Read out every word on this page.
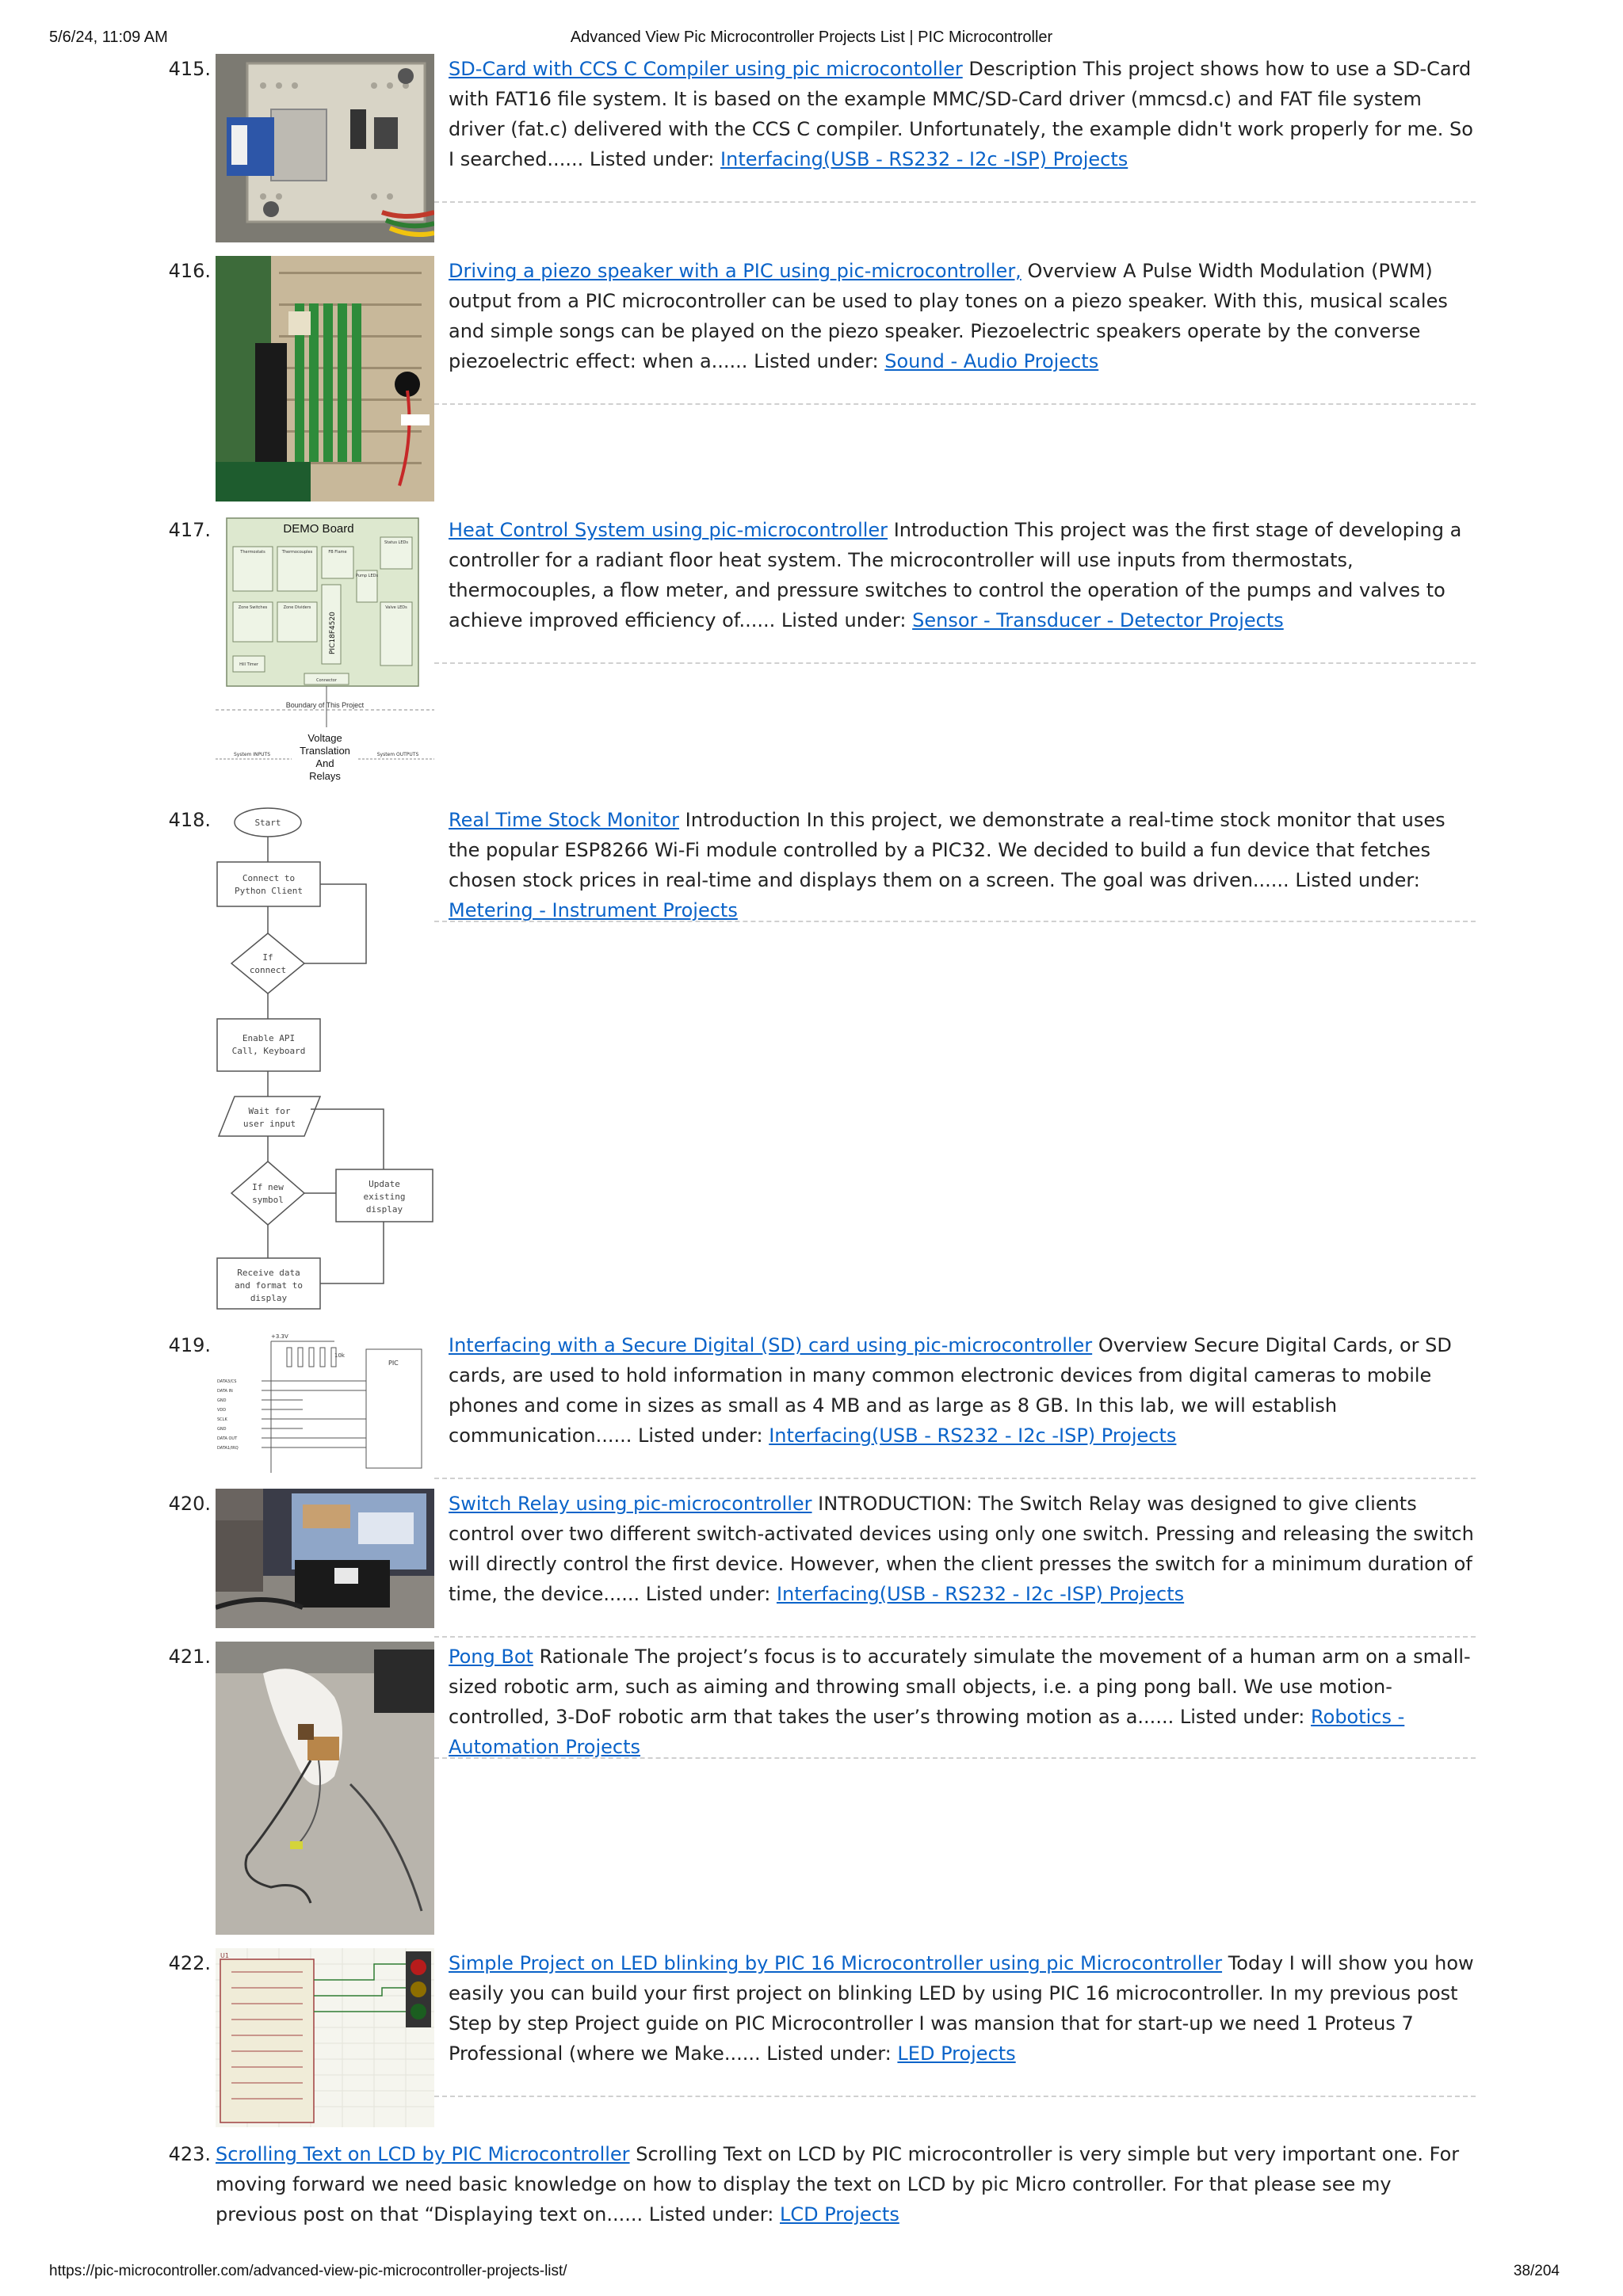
5/6/24, 11:09 AM	Advanced View Pic Microcontroller Projects List | PIC Microcontroller
415.	SD-Card with CCS C Compiler using pic microcontoller Description This project shows how to use a SD-Card with FAT16 file system. It is based on the example MMC/SD-Card driver (mmcsd.c) and FAT file system driver (fat.c) delivered with the CCS C compiler. Unfortunately, the example didn't work properly for me. So I searched...... Listed under: Interfacing(USB - RS232 - I2c -ISP) Projects
416.	Driving a piezo speaker with a PIC using pic-microcontroller, Overview A Pulse Width Modulation (PWM) output from a PIC microcontroller can be used to play tones on a piezo speaker. With this, musical scales and simple songs can be played on the piezo speaker. Piezoelectric speakers operate by the converse piezoelectric effect: when a...... Listed under: Sound - Audio Projects
417.	DEMO Board
Thermostats	Thermocouples	FB Flame
Status LEDs
Zone Switches	Zone Dividers
PIC18F4520
Pump LEDs
Valve LEDs
Hill Timer
Connector
Boundary of This Project
Voltage
Translation
And
Relays
System INPUTS	System OUTPUTS
Heat Control System using pic-microcontroller Introduction This project was the first stage of developing a controller for a radiant floor heat system. The microcontroller will use inputs from thermostats, thermocouples, a flow meter, and pressure switches to control the operation of the pumps and valves to achieve improved efficiency of...... Listed under: Sensor - Transducer - Detector Projects
418.	Start
Connect to
Python Client
If
connect
Enable API
Call, Keyboard
Wait for
user input
If new
symbol
Update
existing
display
Receive data
and format to
display
Real Time Stock Monitor Introduction In this project, we demonstrate a real-time stock monitor that uses the popular ESP8266 Wi-Fi module controlled by a PIC32. We decided to build a fun device that fetches chosen stock prices in real-time and displays them on a screen. The goal was driven...... Listed under: Metering - Instrument Projects
419.	+3.3V
10k
DATA3/CS
DATA IN
GND
VDD
SCLK
GND
DATA OUT
DATA1/IRQ
PIC
Interfacing with a Secure Digital (SD) card using pic-microcontroller Overview Secure Digital Cards, or SD cards, are used to hold information in many common electronic devices from digital cameras to mobile phones and come in sizes as small as 4 MB and as large as 8 GB. In this lab, we will establish communication...... Listed under: Interfacing(USB - RS232 - I2c -ISP) Projects
420.	Switch Relay using pic-microcontroller INTRODUCTION: The Switch Relay was designed to give clients control over two different switch-activated devices using only one switch. Pressing and releasing the switch will directly control the first device. However, when the client presses the switch for a minimum duration of time, the device...... Listed under: Interfacing(USB - RS232 - I2c -ISP) Projects
421.	Pong Bot Rationale The project’s focus is to accurately simulate the movement of a human arm on a small-sized robotic arm, such as aiming and throwing small objects, i.e. a ping pong ball. We use motion-controlled, 3-DoF robotic arm that takes the user’s throwing motion as a...... Listed under: Robotics - Automation Projects
422. U1	Simple Project on LED blinking by PIC 16 Microcontroller using pic Microcontroller Today I will show you how easily you can build your first project on blinking LED by using PIC 16 microcontroller. In my previous post Step by step Project guide on PIC Microcontroller I was mansion that for start-up we need 1 Proteus 7 Professional (where we Make...... Listed under: LED Projects
423. Scrolling Text on LCD by PIC Microcontroller Scrolling Text on LCD by PIC microcontroller is very simple but very important one. For moving forward we need basic knowledge on how to display the text on LCD by pic Micro controller. For that please see my previous post on that “Displaying text on...... Listed under: LCD Projects
https://pic-microcontroller.com/advanced-view-pic-microcontroller-projects-list/	38/204
